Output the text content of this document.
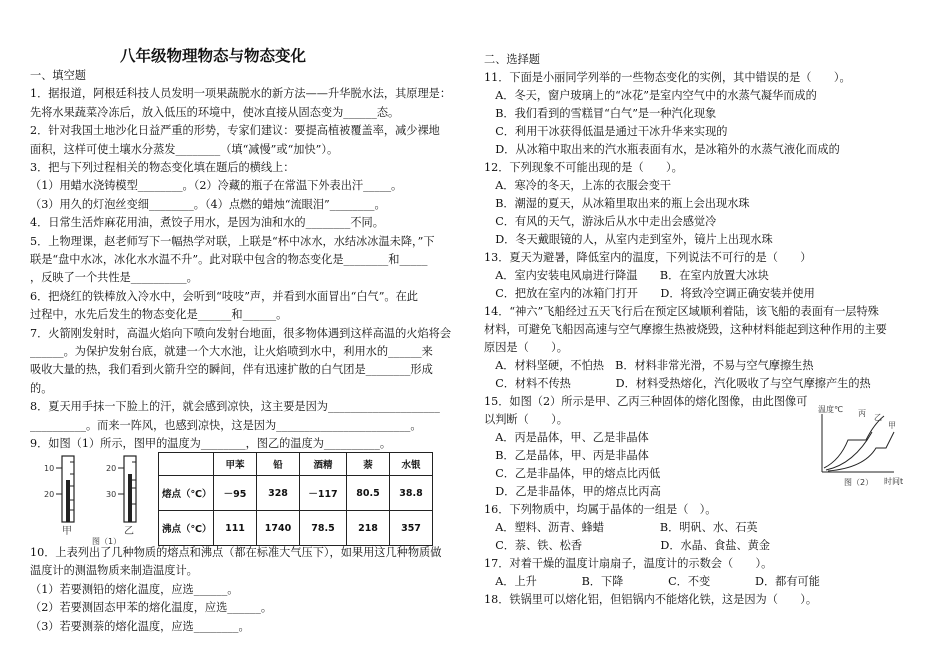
一、填空题
1．据报道，阿根廷科技人员发明一项果蔬脱水的新方法——升华脱水法，其原理是：
先将水果蔬菜冷冻后，放入低压的环境中，使冰直接从固态变为______态。
2．针对我国土地沙化日益严重的形势，专家们建议：要提高植被覆盖率，减少裸地
面积，这样可使土壤水分蒸发________（填“减慢”或“加快”）。
3．把与下列过程相关的物态变化填在题后的横线上：
（1）用蜡水浇铸模型________。（2）冷藏的瓶子在常温下外表出汗_____。
（3）用久的灯泡丝变细________。（4）点燃的蜡烛“流眼泪”________。
4．日常生活炸麻花用油，煮饺子用水，是因为油和水的________不同。
5．上物理课，赵老师写下一幅热学对联，上联是“杯中冰水，水结冰冰温未降，”下
联是“盘中水冰，冰化水水温不升”。此对联中包含的物态变化是________和_____
，反映了一个共性是__________。
6．把烧红的铁棒放入冷水中，会听到“吱吱”声，并看到水面冒出“白气”。在此
过程中，水先后发生的物态变化是______和______。
7．火箭刚发射时，高温火焰向下喷向发射台地面，很多物体遇到这样高温的火焰将会
______。为保护发射台底，就建一个大水池，让火焰喷到水中，利用水的______来
吸收大量的热，我们看到火箭升空的瞬间，伴有迅速扩散的白气团是________形成
的。
8．夏天用手抹一下脸上的汗，就会感到凉快，这主要是因为____________________
__________。而来一阵风，也感到凉快，这是因为________________________。
9．如图（1）所示，图甲的温度为________，图乙的温度为__________。
10．上表列出了几种物质的熔点和沸点（都在标准大气压下），如果用这几种物质做
温度计的测温物质来制造温度计。
（1）若要测铅的熔化温度，应选______。
（2）若要测固态甲苯的熔化温度，应选______。
（3）若要测萘的熔化温度，应选________。
二、选择题
11．下面是小丽同学列举的一些物态变化的实例，其中错误的是（　　）。
　A．冬天，窗户玻璃上的“冰花”是室内空气中的水蒸气凝华而成的
　B．我们看到的雪糕冒“白气”是一种汽化现象
　C．利用干冰获得低温是通过干冰升华来实现的
　D．从冰箱中取出来的汽水瓶表面有水，是冰箱外的水蒸气液化而成的
12．下列现象不可能出现的是（　　）。
　A．寒冷的冬天，上冻的衣服会变干
　B．潮湿的夏天，从冰箱里取出来的瓶上会出现水珠
　C．有风的天气，游泳后从水中走出会感觉冷
　D．冬天戴眼镜的人，从室内走到室外，镜片上出现水珠
13．夏天为避暑，降低室内的温度，下列说法不可行的是（　　）
　A．室内安装电风扇进行降温　　B．在室内放置大冰块
　C．把放在室内的冰箱门打开　　D．将致冷空调正确安装并使用
14．“神六”飞船经过五天飞行后在预定区域顺利着陆，该飞船的表面有一层特殊
材料，可避免飞船因高速与空气摩擦生热被烧毁，这种材料能起到这种作用的主要
原因是（　　）。
　A．材料坚硬，不怕热　B．材料非常光滑，不易与空气摩擦生热
　C．材料不传热　　　　D．材料受热熔化，汽化吸收了与空气摩擦产生的热
15．如图（2）所示是甲、乙丙三种固体的熔化图像，由此图像可
以判断（　　）。
　A．丙是晶体，甲、乙是非晶体
　B．乙是晶体，甲、丙是非晶体
　C．乙是非晶体，甲的熔点比丙低
　D．乙是非晶体，甲的熔点比丙高
16．下列物质中，均属于晶体的一组是（　）。
　A．塑料、沥青、蜂蜡　　　　　B．明矾、水、石英
　C．萘、铁、松香　　　　　　　D．水晶、食盐、黄金
17．对着干燥的温度计扇扇子，温度计的示数会（　　）。
　A．上升　　　　B．下降　　　　C．不变　　　　D．都有可能
18．铁锅里可以熔化铝，但铝锅内不能熔化铁，这是因为（　　）。
八年级物理物态与物态变化
10
20
20
30
甲	乙
图（1）
	甲苯	铅	酒精	萘	水银
熔点（℃）	－95	328	－117	80.5	38.8
沸点（℃）	111	1740	78.5	218	357
温度℃ 丙 乙
甲
时间t
图（2）
